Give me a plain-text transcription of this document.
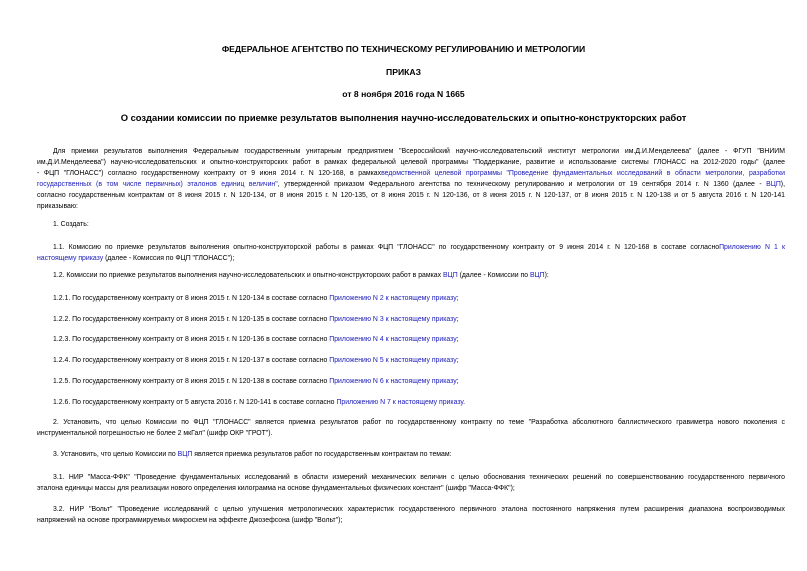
ФЕДЕРАЛЬНОЕ АГЕНТСТВО ПО ТЕХНИЧЕСКОМУ РЕГУЛИРОВАНИЮ И МЕТРОЛОГИИ
ПРИКАЗ
от 8 ноября 2016 года N 1665
О создании комиссии по приемке результатов выполнения научно-исследовательских и опытно-конструкторских работ
Для приемки результатов выполнения Федеральным государственным унитарным предприятием "Всероссийский научно-исследовательский институт метрологии им.Д.И.Менделеева" (далее - ФГУП "ВНИИМ
им.Д.И.Менделеева") научно-исследовательских и опытно-конструкторских работ в рамках федеральной целевой программы "Поддержание, развитие и использование системы ГЛОНАСС на 2012-2020 годы" (далее
- ФЦП "ГЛОНАСС") согласно государственному контракту от 9 июня 2014 г. N 120-168, в рамкахведомственной целевой программы "Проведение фундаментальных исследований в области метрологии, разработки
государственных (в том числе первичных) эталонов единиц величин", утвержденной приказом Федерального агентства по техническому регулированию и метрологии от 19 сентября 2014 г. N 1360 (далее - ВЦП),
согласно государственным контрактам от 8 июня 2015 г. N 120-134, от 8 июня 2015 г. N 120-135, от 8 июня 2015 г. N 120-136, от 8 июня 2015 г. N 120-137, от 8 июня 2015 г. N 120-138 и от 5 августа 2016 г. N 120-141
приказываю:
1. Создать:
1.1. Комиссию по приемке результатов выполнения опытно-конструкторской работы в рамках ФЦП "ГЛОНАСС" по государственному контракту от 9 июня 2014 г. N 120-168 в составе согласноПриложению N 1 к
настоящему приказу (далее - Комиссия по ФЦП "ГЛОНАСС");
1.2. Комиссии по приемке результатов выполнения научно-исследовательских и опытно-конструкторских работ в рамках ВЦП (далее - Комиссии по ВЦП):
1.2.1. По государственному контракту от 8 июня 2015 г. N 120-134 в составе согласно Приложению N 2 к настоящему приказу;
1.2.2. По государственному контракту от 8 июня 2015 г. N 120-135 в составе согласно Приложению N 3 к настоящему приказу;
1.2.3. По государственному контракту от 8 июня 2015 г. N 120-136 в составе согласно Приложению N 4 к настоящему приказу;
1.2.4. По государственному контракту от 8 июня 2015 г. N 120-137 в составе согласно Приложению N 5 к настоящему приказу;
1.2.5. По государственному контракту от 8 июня 2015 г. N 120-138 в составе согласно Приложению N 6 к настоящему приказу;
1.2.6. По государственному контракту от 5 августа 2016 г. N 120-141 в составе согласно Приложению N 7 к настоящему приказу.
2. Установить, что целью Комиссии по ФЦП "ГЛОНАСС" является приемка результатов работ по государственному контракту по теме "Разработка абсолютного баллистического гравиметра нового поколения с
инструментальной погрешностью не более 2 мкГал" (шифр ОКР "ГРОТ").
3. Установить, что целью Комиссии по ВЦП является приемка результатов работ по государственным контрактам по темам:
3.1. НИР "Масса-ФФК" "Проведение фундаментальных исследований в области измерений механических величин с целью обоснования технических решений по совершенствованию государственного первичного
эталона единицы массы для реализации нового определения килограмма на основе фундаментальных физических констант" (шифр "Масса-ФФК");
3.2. НИР "Вольт" "Проведение исследований с целью улучшения метрологических характеристик государственного первичного эталона постоянного напряжения путем расширения диапазона воспроизводимых
напряжений на основе программируемых микросхем на эффекте Джозефсона (шифр "Вольт");
